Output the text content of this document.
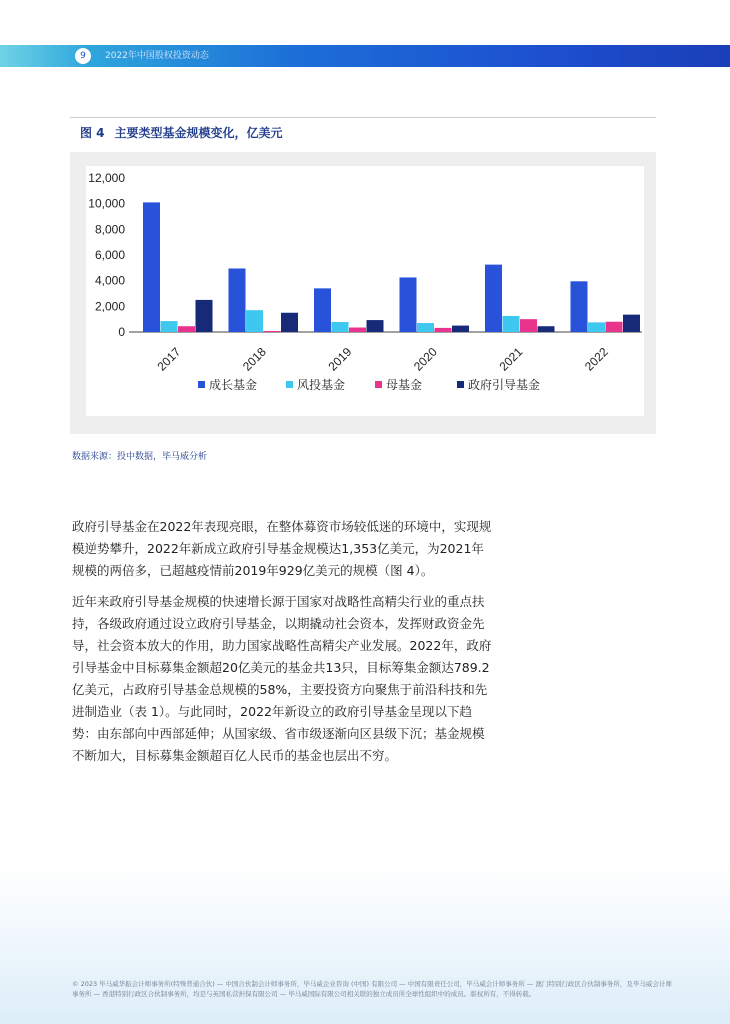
9	2022年中国股权投资动态
图 4 主要类型基金规模变化，亿美元
0
2,000
4,000
6,000
8,000
10,000
12,000
2017	2018	2019	2020	2021	2022
成长基金	风投基金	母基金	政府引导基金
数据来源：投中数据，毕马威分析

政府引导基金在2022年表现亮眼，在整体募资市场较低迷的环境中，实现规模逆势攀升，2022年新成立政府引导基金规模达1,353亿美元，为2021年规模的两倍多，已超越疫情前2019年929亿美元的规模（图 4）。

近年来政府引导基金规模的快速增长源于国家对战略性高精尖行业的重点扶持，各级政府通过设立政府引导基金，以期撬动社会资本，发挥财政资金先导，社会资本放大的作用，助力国家战略性高精尖产业发展。2022年，政府引导基金中目标募集金额超20亿美元的基金共13只，目标筹集金额达789.2亿美元，占政府引导基金总规模的58%，主要投资方向聚焦于前沿科技和先进制造业（表 1）。与此同时，2022年新设立的政府引导基金呈现以下趋势：由东部向中西部延伸；从国家级、省市级逐渐向区县级下沉；基金规模不断加大，目标募集金额超百亿人民币的基金也层出不穷。

© 2023 毕马威华振会计师事务所(特殊普通合伙) — 中国合伙制会计师事务所，毕马威企业咨询 (中国) 有限公司 — 中国有限责任公司，毕马威会计师事务所 — 澳门特别行政区合伙制事务所，及毕马威会计师事务所 — 香港特别行政区合伙制事务所，均是与英国私营担保有限公司 — 毕马威国际有限公司相关联的独立成员所全球性组织中的成员。版权所有，不得转载。
